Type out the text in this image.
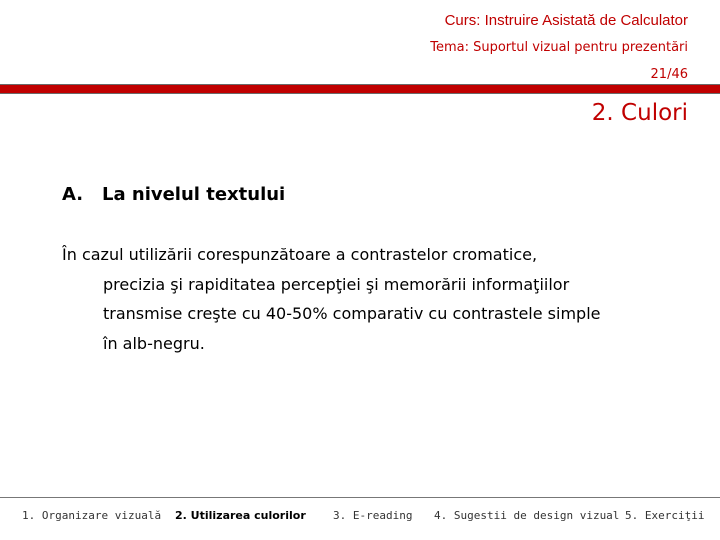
Curs: Instruire Asistată de Calculator
Tema: Suportul vizual pentru prezentări
21/46
2. Culori
A. La nivelul textului
În cazul utilizării corespunzătoare a contrastelor cromatice,
precizia şi rapiditatea percepţiei şi memorării informaţiilor
transmise creşte cu 40-50% comparativ cu contrastele simple
în alb-negru.
1. Organizare vizuală 2. Utilizarea culorilor 3. E-reading 4. Sugestii de design vizual 5. Exerciţii
